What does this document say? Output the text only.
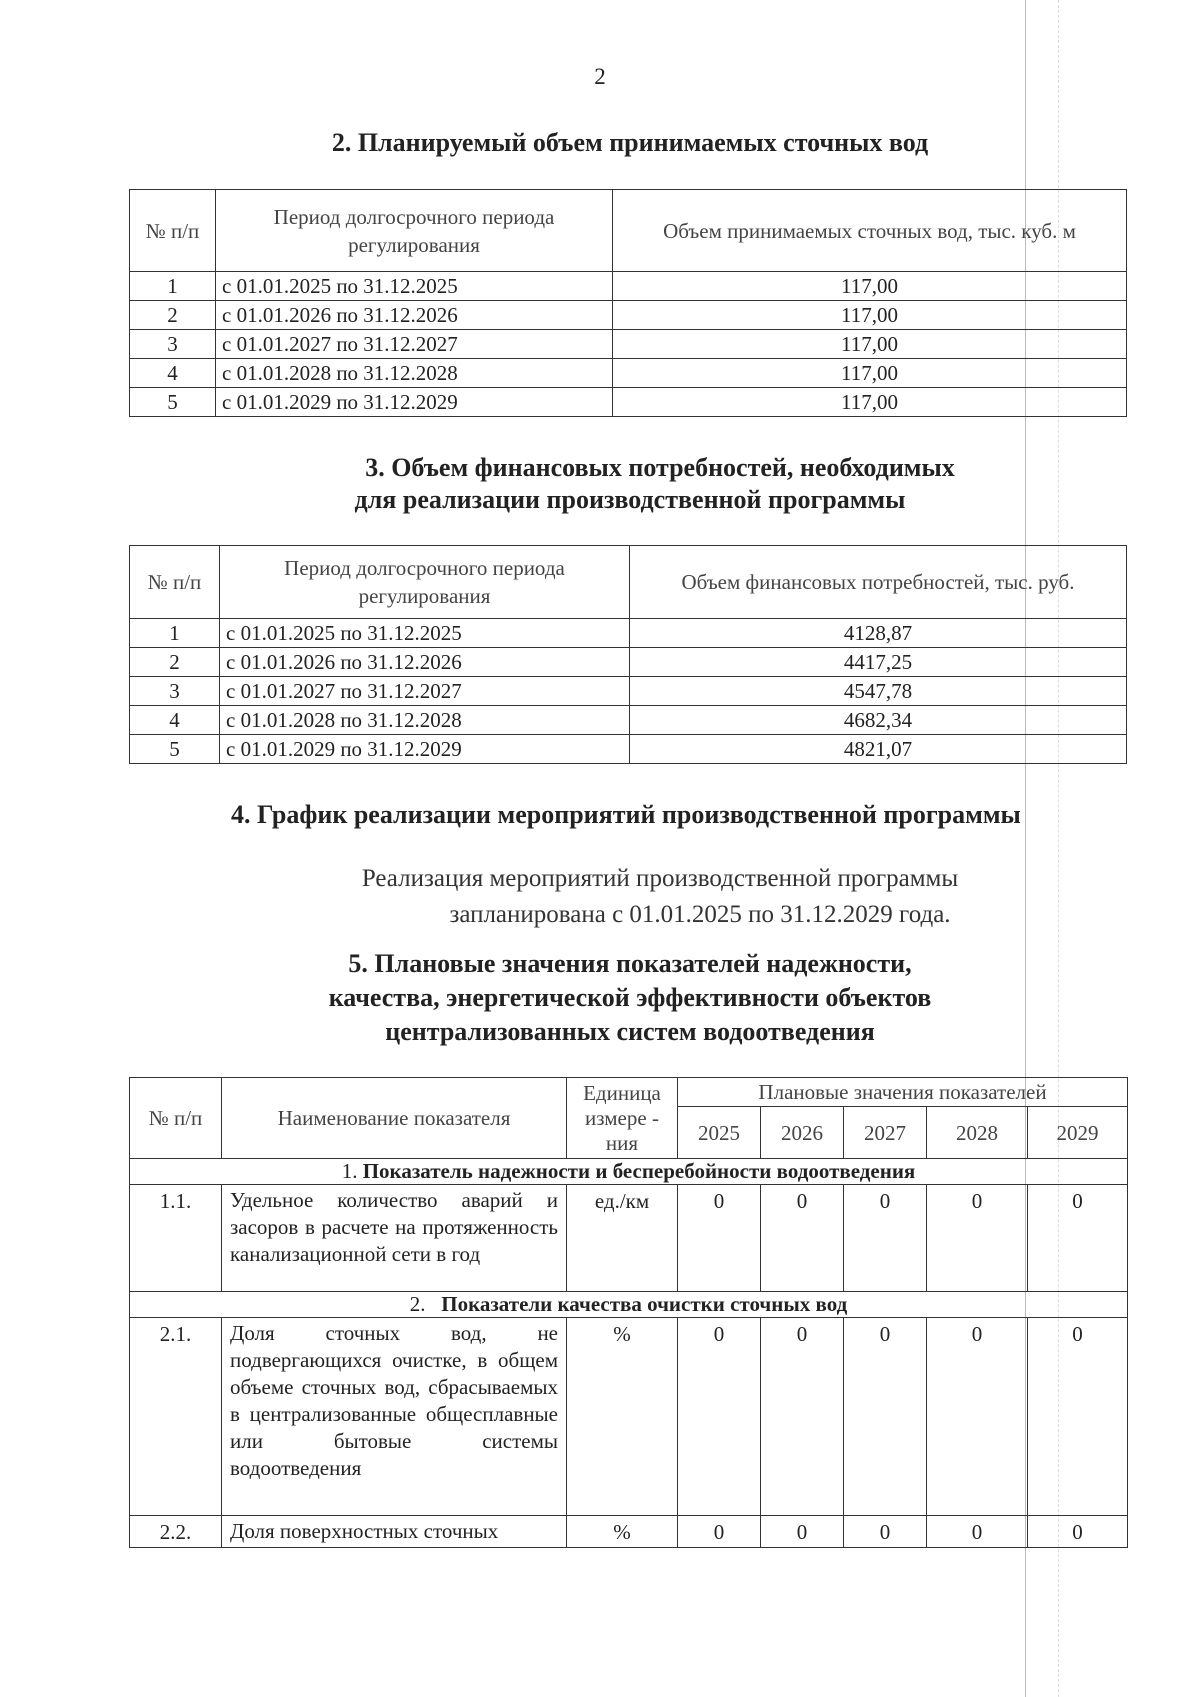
2
2. Планируемый объем принимаемых сточных вод
№ п/п	Период долгосрочного периода регулирования	Объем принимаемых сточных вод, тыс. куб. м
1	с 01.01.2025 по 31.12.2025	117,00
2	с 01.01.2026 по 31.12.2026	117,00
3	с 01.01.2027 по 31.12.2027	117,00
4	с 01.01.2028 по 31.12.2028	117,00
5	с 01.01.2029 по 31.12.2029	117,00
3. Объем финансовых потребностей, необходимых
для реализации производственной программы
№ п/п	Период долгосрочного периода регулирования	Объем финансовых потребностей, тыс. руб.
1	с 01.01.2025 по 31.12.2025	4128,87
2	с 01.01.2026 по 31.12.2026	4417,25
3	с 01.01.2027 по 31.12.2027	4547,78
4	с 01.01.2028 по 31.12.2028	4682,34
5	с 01.01.2029 по 31.12.2029	4821,07
4. График реализации мероприятий производственной программы
Реализация мероприятий производственной программы
запланирована с 01.01.2025 по 31.12.2029 года.
5. Плановые значения показателей надежности,
качества, энергетической эффективности объектов
централизованных систем водоотведения
№ п/п	Наименование показателя	Единица измере - ния	Плановые значения показателей				
			2025	2026	2027	2028	2029
1. Показатель надежности и бесперебойности водоотведения							
1.1.	Удельное количество аварий и засоров в расчете на протяженность канализационной сети в год	ед./км	0	0	0	0	0
2. Показатели качества очистки сточных вод							
2.1.	Доля сточных вод, не подвергающихся очистке, в общем объеме сточных вод, сбрасываемых в централизованные общесплавные или бытовые системы водоотведения	%	0	0	0	0	0
2.2.	Доля поверхностных сточных	%	0	0	0	0	0
